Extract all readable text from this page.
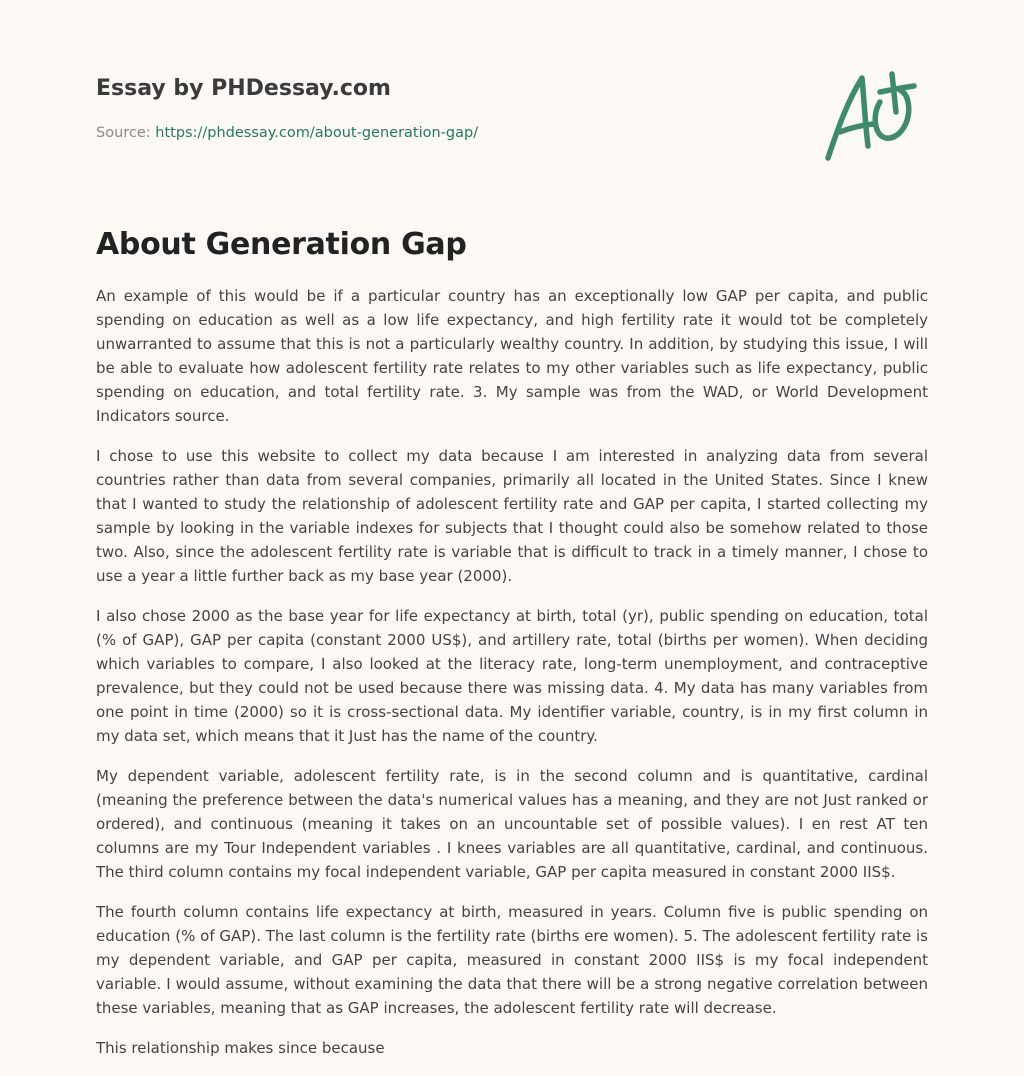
Essay by PHDessay.com
Source: https://phdessay.com/about-generation-gap/
About Generation Gap

An example of this would be if a particular country has an exceptionally low GAP per capita, and public spending on education as well as a low life expectancy, and high fertility rate it would tot be completely unwarranted to assume that this is not a particularly wealthy country. In addition, by studying this issue, I will be able to evaluate how adolescent fertility rate relates to my other variables such as life expectancy, public spending on education, and total fertility rate. 3. My sample was from the WAD, or World Development Indicators source.

I chose to use this website to collect my data because I am interested in analyzing data from several countries rather than data from several companies, primarily all located in the United States. Since I knew that I wanted to study the relationship of adolescent fertility rate and GAP per capita, I started collecting my sample by looking in the variable indexes for subjects that I thought could also be somehow related to those two. Also, since the adolescent fertility rate is variable that is difficult to track in a timely manner, I chose to use a year a little further back as my base year (2000).

I also chose 2000 as the base year for life expectancy at birth, total (yr), public spending on education, total (% of GAP), GAP per capita (constant 2000 US$), and artillery rate, total (births per women). When deciding which variables to compare, I also looked at the literacy rate, long-term unemployment, and contraceptive prevalence, but they could not be used because there was missing data. 4. My data has many variables from one point in time (2000) so it is cross-sectional data. My identifier variable, country, is in my first column in my data set, which means that it Just has the name of the country.

My dependent variable, adolescent fertility rate, is in the second column and is quantitative, cardinal (meaning the preference between the data's numerical values has a meaning, and they are not Just ranked or ordered), and continuous (meaning it takes on an uncountable set of possible values). I en rest AT ten columns are my Tour Independent variables . I knees variables are all quantitative, cardinal, and continuous. The third column contains my focal independent variable, GAP per capita measured in constant 2000 IIS$.

The fourth column contains life expectancy at birth, measured in years. Column five is public spending on education (% of GAP). The last column is the fertility rate (births ere women). 5. The adolescent fertility rate is my dependent variable, and GAP per capita, measured in constant 2000 IIS$ is my focal independent variable. I would assume, without examining the data that there will be a strong negative correlation between these variables, meaning that as GAP increases, the adolescent fertility rate will decrease.

This relationship makes since because
